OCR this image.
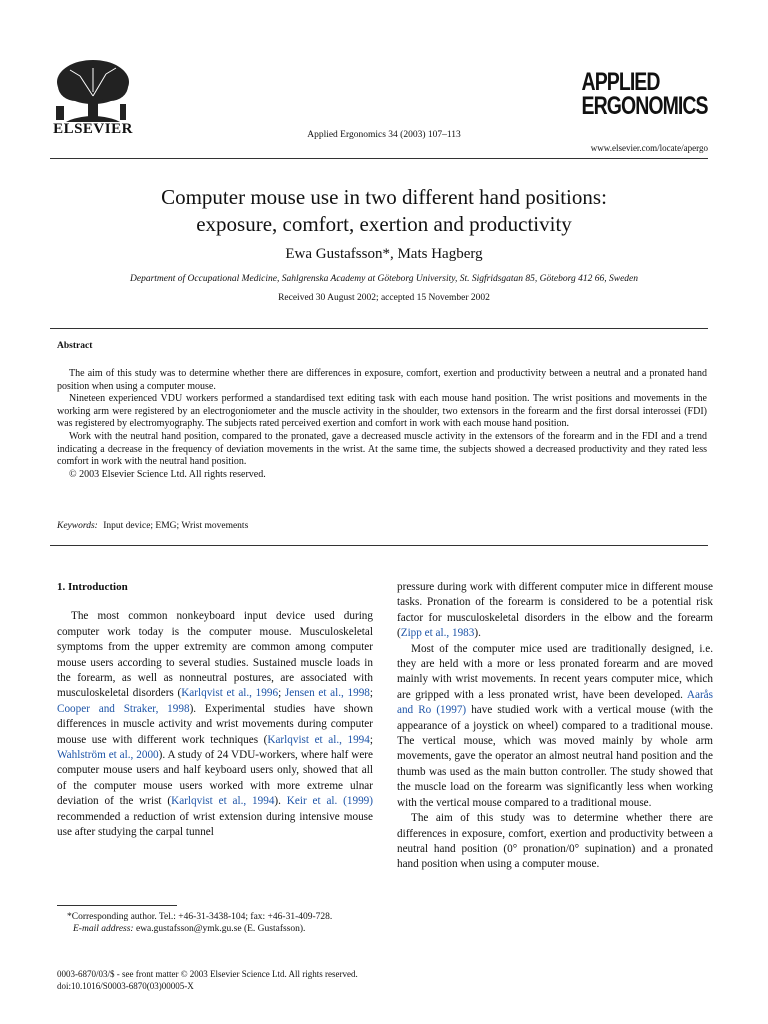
ELSEVIER	Applied Ergonomics 34 (2003) 107–113
APPLIED
ERGONOMICS
www.elsevier.com/locate/apergo
Computer mouse use in two different hand positions:
exposure, comfort, exertion and productivity
Ewa Gustafsson*, Mats Hagberg
Department of Occupational Medicine, Sahlgrenska Academy at Göteborg University, St. Sigfridsgatan 85, Göteborg 412 66, Sweden
Received 30 August 2002; accepted 15 November 2002
Abstract

The aim of this study was to determine whether there are differences in exposure, comfort, exertion and productivity between a neutral and a pronated hand position when using a computer mouse.

Nineteen experienced VDU workers performed a standardised text editing task with each mouse hand position. The wrist positions and movements in the working arm were registered by an electrogoniometer and the muscle activity in the shoulder, two extensors in the forearm and the first dorsal interossei (FDI) was registered by electromyography. The subjects rated perceived exertion and comfort in work with each mouse hand position.

Work with the neutral hand position, compared to the pronated, gave a decreased muscle activity in the extensors of the forearm and in the FDI and a trend indicating a decrease in the frequency of deviation movements in the wrist. At the same time, the subjects showed a decreased productivity and they rated less comfort in work with the neutral hand position.

© 2003 Elsevier Science Ltd. All rights reserved.

Keywords: Input device; EMG; Wrist movements
1. Introduction

The most common nonkeyboard input device used during computer work today is the computer mouse. Musculoskeletal symptoms from the upper extremity are common among computer mouse users according to several studies. Sustained muscle loads in the forearm, as well as nonneutral postures, are associated with musculoskeletal disorders (Karlqvist et al., 1996; Jensen et al., 1998; Cooper and Straker, 1998). Experimental studies have shown differences in muscle activity and wrist movements during computer mouse use with different work techniques (Karlqvist et al., 1994; Wahlström et al., 2000). A study of 24 VDU-workers, where half were computer mouse users and half keyboard users only, showed that all of the computer mouse users worked with more extreme ulnar deviation of the wrist (Karlqvist et al., 1994). Keir et al. (1999) recommended a reduction of wrist extension during intensive mouse use after studying the carpal tunnel

pressure during work with different computer mice in different mouse tasks. Pronation of the forearm is considered to be a potential risk factor for musculoskeletal disorders in the elbow and the forearm (Zipp et al., 1983).

Most of the computer mice used are traditionally designed, i.e. they are held with a more or less pronated forearm and are moved mainly with wrist movements. In recent years computer mice, which are gripped with a less pronated wrist, have been developed. Aarås and Ro (1997) have studied work with a vertical mouse (with the appearance of a joystick on wheel) compared to a traditional mouse. The vertical mouse, which was moved mainly by whole arm movements, gave the operator an almost neutral hand position and the thumb was used as the main button controller. The study showed that the muscle load on the forearm was significantly less when working with the vertical mouse compared to a traditional mouse.

The aim of this study was to determine whether there are differences in exposure, comfort, exertion and productivity between a neutral hand position (0° pronation/0° supination) and a pronated hand position when using a computer mouse.

*Corresponding author. Tel.: +46-31-3438-104; fax: +46-31-409-728.

E-mail address: ewa.gustafsson@ymk.gu.se (E. Gustafsson).

0003-6870/03/$ - see front matter © 2003 Elsevier Science Ltd. All rights reserved.
doi:10.1016/S0003-6870(03)00005-X
